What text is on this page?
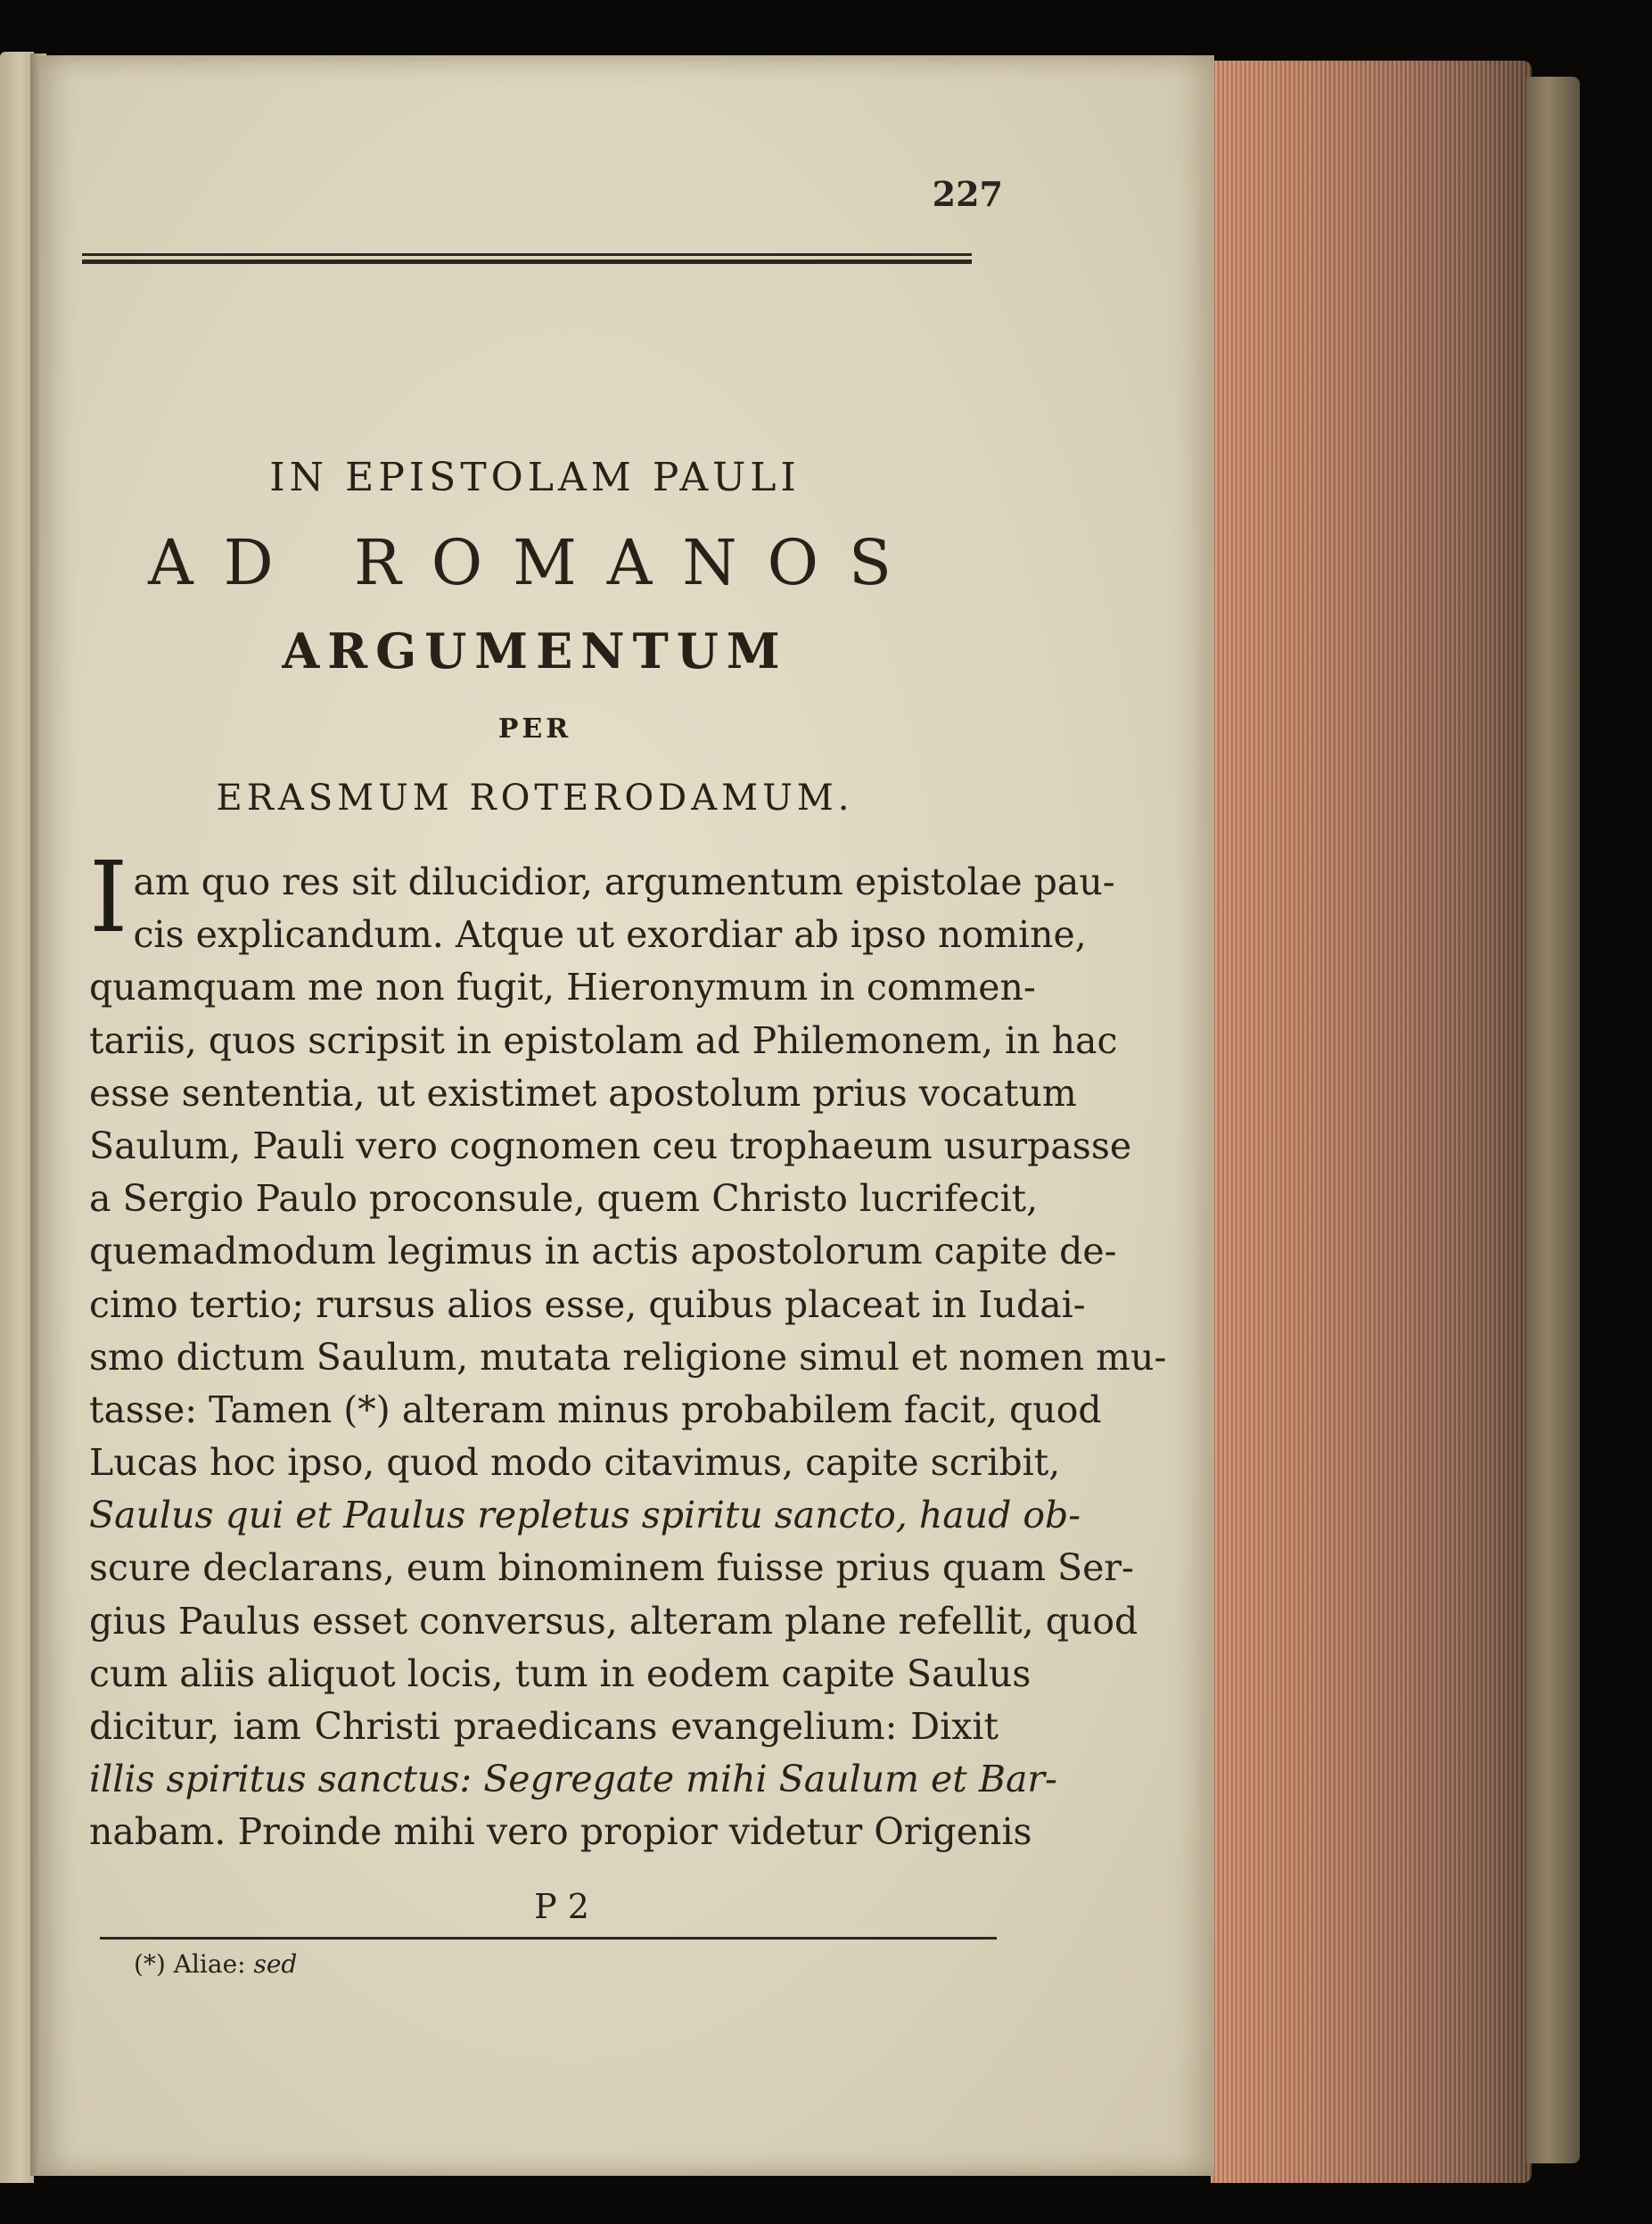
227
IN EPISTOLAM PAULI
AD ROMANOS
ARGUMENTUM
PER
ERASMUM ROTERODAMUM.
I am quo res sit dilucidior, argumentum epistolae pau-
cis explicandum. Atque ut exordiar ab ipso nomine,
quamquam me non fugit, Hieronymum in commen-
tariis, quos scripsit in epistolam ad Philemonem, in hac
esse sententia, ut existimet apostolum prius vocatum
Saulum, Pauli vero cognomen ceu trophaeum usurpasse
a Sergio Paulo proconsule, quem Christo lucrifecit,
quemadmodum legimus in actis apostolorum capite de-
cimo tertio; rursus alios esse, quibus placeat in Iudai-
smo dictum Saulum, mutata religione simul et nomen mu-
tasse: Tamen (*) alteram minus probabilem facit, quod
Lucas hoc ipso, quod modo citavimus, capite scribit,
Saulus qui et Paulus repletus spiritu sancto, haud ob-
scure declarans, eum binominem fuisse prius quam Ser-
gius Paulus esset conversus, alteram plane refellit, quod
cum aliis aliquot locis, tum in eodem capite Saulus
dicitur, iam Christi praedicans evangelium: Dixit
illis spiritus sanctus: Segregate mihi Saulum et Bar-
nabam. Proinde mihi vero propior videtur Origenis
P 2
(*) Aliae: sed
